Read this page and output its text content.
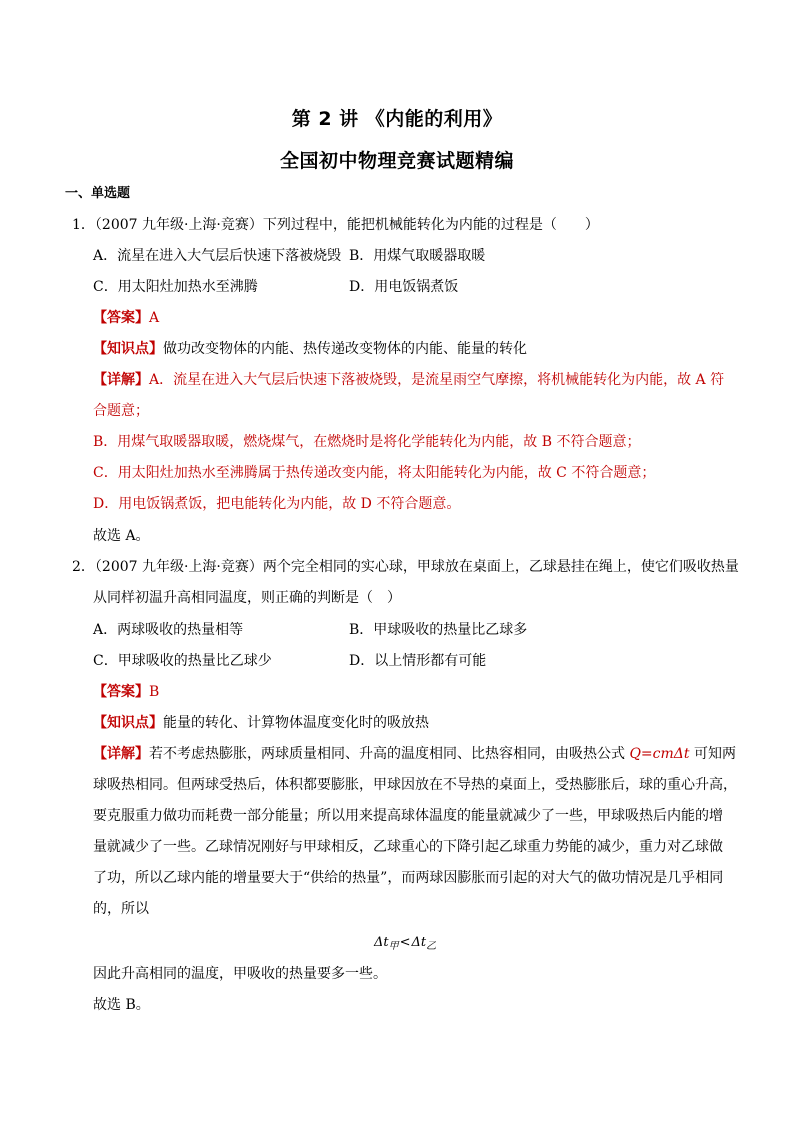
第 2 讲 《内能的利用》
全国初中物理竞赛试题精编
一、单选题
1．（2007 九年级·上海·竞赛）下列过程中，能把机械能转化为内能的过程是（　　）
A．流星在进入大气层后快速下落被烧毁 B．用煤气取暖器取暖
C．用太阳灶加热水至沸腾	D．用电饭锅煮饭
【答案】A
【知识点】做功改变物体的内能、热传递改变物体的内能、能量的转化
【详解】A．流星在进入大气层后快速下落被烧毁，是流星雨空气摩擦，将机械能转化为内能，故 A 符
合题意；
B．用煤气取暖器取暖，燃烧煤气，在燃烧时是将化学能转化为内能，故 B 不符合题意；
C．用太阳灶加热水至沸腾属于热传递改变内能，将太阳能转化为内能，故 C 不符合题意；
D．用电饭锅煮饭，把电能转化为内能，故 D 不符合题意。
故选 A。
2．（2007 九年级·上海·竞赛）两个完全相同的实心球，甲球放在桌面上，乙球悬挂在绳上，使它们吸收热量
从同样初温升高相同温度，则正确的判断是（　）
A．两球吸收的热量相等	B．甲球吸收的热量比乙球多
C．甲球吸收的热量比乙球少	D．以上情形都有可能
【答案】B
【知识点】能量的转化、计算物体温度变化时的吸放热
【详解】若不考虑热膨胀，两球质量相同、升高的温度相同、比热容相同，由吸热公式 Q=cmΔt 可知两
球吸热相同。但两球受热后，体积都要膨胀，甲球因放在不导热的桌面上，受热膨胀后，球的重心升高，
要克服重力做功而耗费一部分能量；所以用来提高球体温度的能量就减少了一些，甲球吸热后内能的增
量就减少了一些。乙球情况刚好与甲球相反，乙球重心的下降引起乙球重力势能的减少，重力对乙球做
了功，所以乙球内能的增量要大于“供给的热量”，而两球因膨胀而引起的对大气的做功情况是几乎相同
的，所以
$\Delta t_甲<\Delta t_乙$
因此升高相同的温度，甲吸收的热量要多一些。
故选 B。
